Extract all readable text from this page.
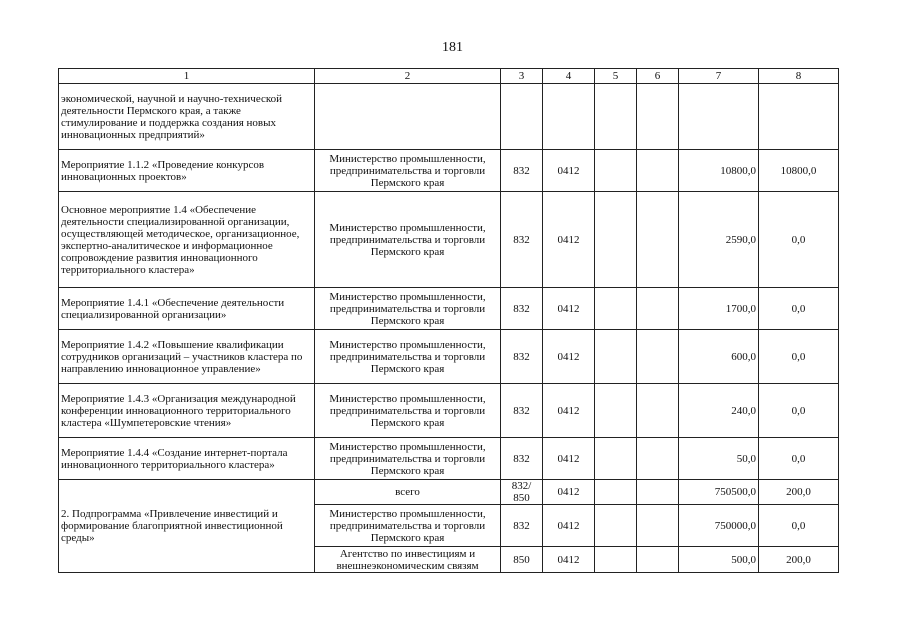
181
1	2	3	4	5	6	7	8
экономической, научной и научно-технической деятельности Пермского края, а также стимулирование и поддержка создания новых инновационных предприятий»							
Мероприятие 1.1.2 «Проведение конкурсов инновационных проектов»	Министерство промышленности, предпринимательства и торговли Пермского края	832	0412			10800,0	10800,0
Основное мероприятие 1.4 «Обеспечение деятельности специализированной организации, осуществляющей методическое, организационное, экспертно-аналитическое и информационное сопровождение развития инновационного территориального кластера»	Министерство промышленности, предпринимательства и торговли Пермского края	832	0412			2590,0	0,0
Мероприятие 1.4.1 «Обеспечение деятельности специализированной организации»	Министерство промышленности, предпринимательства и торговли Пермского края	832	0412			1700,0	0,0
Мероприятие 1.4.2 «Повышение квалификации сотрудников организаций – участников кластера по направлению инновационное управление»	Министерство промышленности, предпринимательства и торговли Пермского края	832	0412			600,0	0,0
Мероприятие 1.4.3 «Организация международной конференции инновационного территориального кластера «Шумпетеровские чтения»	Министерство промышленности, предпринимательства и торговли Пермского края	832	0412			240,0	0,0
Мероприятие 1.4.4 «Создание интернет-портала инновационного территориального кластера»	Министерство промышленности, предпринимательства и торговли Пермского края	832	0412			50,0	0,0
2. Подпрограмма «Привлечение инвестиций и формирование благоприятной инвестиционной среды»	всего	832/ 850	0412			750500,0	200,0
	Министерство промышленности, предпринимательства и торговли Пермского края	832	0412			750000,0	0,0
	Агентство по инвестициям и внешнеэкономическим связям	850	0412			500,0	200,0
